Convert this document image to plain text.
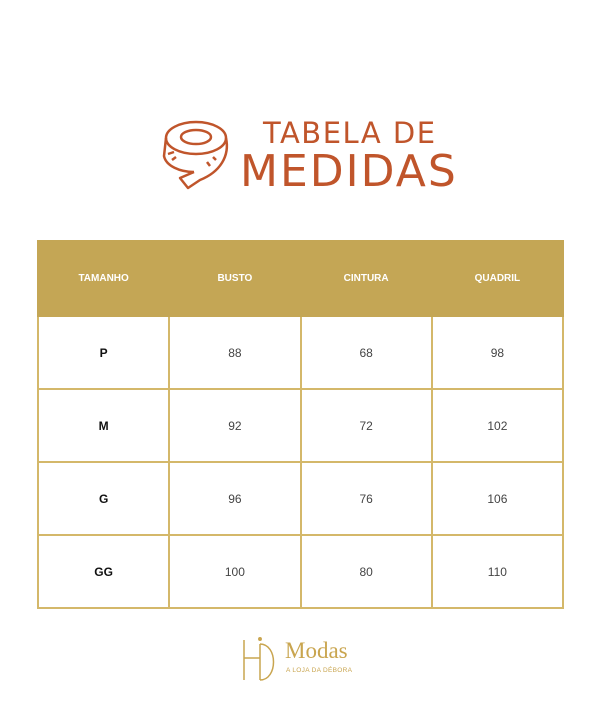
TABELA DE
MEDIDAS
TAMANHO	BUSTO	CINTURA	QUADRIL
P	88	68	98
M	92	72	102
G	96	76	106
GG	100	80	110
Modas
A LOJA DA DÉBORA
